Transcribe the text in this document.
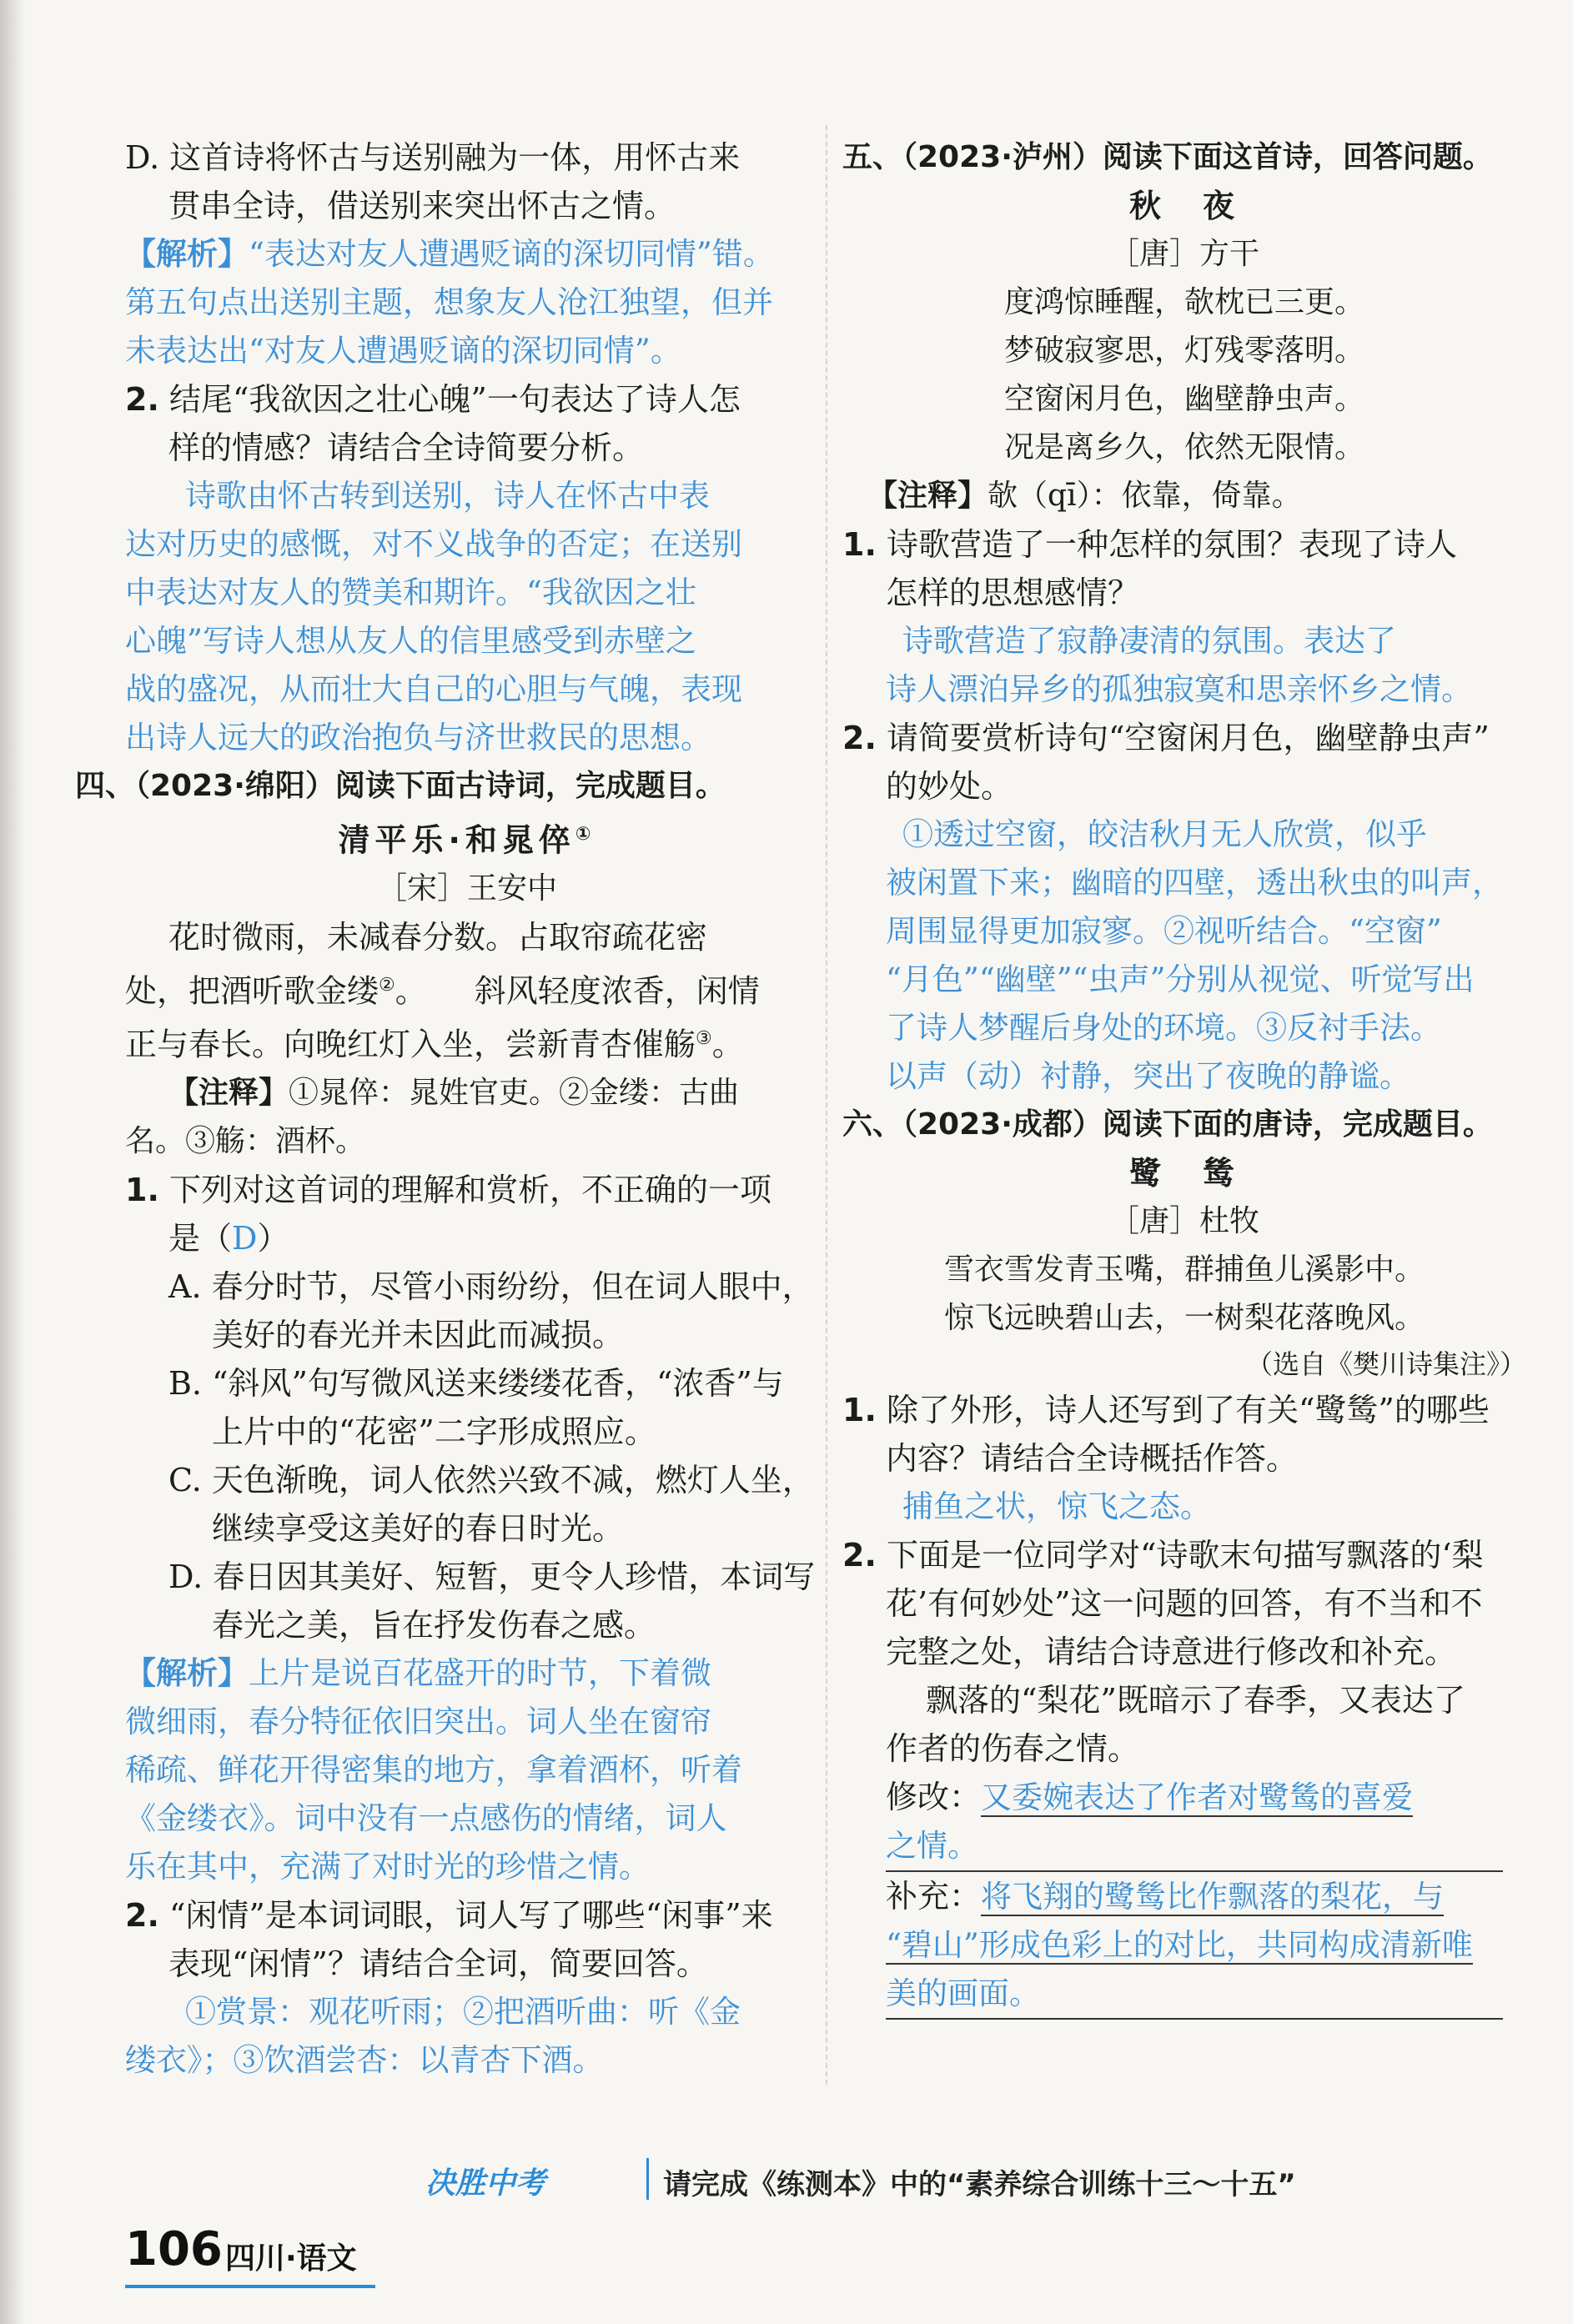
D. 这首诗将怀古与送别融为一体，用怀古来
贯串全诗，借送别来突出怀古之情。
【解析】“表达对友人遭遇贬谪的深切同情”错。
第五句点出送别主题，想象友人沧江独望，但并
未表达出“对友人遭遇贬谪的深切同情”。
2. 结尾“我欲因之壮心魄”一句表达了诗人怎
样的情感？请结合全诗简要分析。
诗歌由怀古转到送别，诗人在怀古中表
达对历史的感慨，对不义战争的否定；在送别
中表达对友人的赞美和期许。“我欲因之壮
心魄”写诗人想从友人的信里感受到赤壁之
战的盛况，从而壮大自己的心胆与气魄，表现
出诗人远大的政治抱负与济世救民的思想。
四、（2023·绵阳）阅读下面古诗词，完成题目。
清平乐·和晁倅①
［宋］王安中
花时微雨，未减春分数。占取帘疏花密
处，把酒听歌金缕②。　　斜风轻度浓香，闲情
正与春长。向晚红灯入坐，尝新青杏催觞③。
【注释】①晁倅：晁姓官吏。②金缕：古曲
名。③觞：酒杯。
1. 下列对这首词的理解和赏析，不正确的一项
是（D）
A. 春分时节，尽管小雨纷纷，但在词人眼中，
美好的春光并未因此而减损。
B. “斜风”句写微风送来缕缕花香，“浓香”与
上片中的“花密”二字形成照应。
C. 天色渐晚，词人依然兴致不减，燃灯人坐，
继续享受这美好的春日时光。
D. 春日因其美好、短暂，更令人珍惜，本词写
春光之美，旨在抒发伤春之感。
【解析】上片是说百花盛开的时节，下着微
微细雨，春分特征依旧突出。词人坐在窗帘
稀疏、鲜花开得密集的地方，拿着酒杯，听着
《金缕衣》。词中没有一点感伤的情绪，词人
乐在其中，充满了对时光的珍惜之情。
2. “闲情”是本词词眼，词人写了哪些“闲事”来
表现“闲情”？请结合全词，简要回答。
①赏景：观花听雨；②把酒听曲：听《金
缕衣》；③饮酒尝杏：以青杏下酒。
五、（2023·泸州）阅读下面这首诗，回答问题。
秋　夜
［唐］方干
度鸿惊睡醒，欹枕已三更。
梦破寂寥思，灯残零落明。
空窗闲月色，幽壁静虫声。
况是离乡久，依然无限情。
【注释】欹（qī）：依靠，倚靠。
1. 诗歌营造了一种怎样的氛围？表现了诗人
怎样的思想感情？
诗歌营造了寂静凄清的氛围。表达了
诗人漂泊异乡的孤独寂寞和思亲怀乡之情。
2. 请简要赏析诗句“空窗闲月色，幽壁静虫声”
的妙处。
①透过空窗，皎洁秋月无人欣赏，似乎
被闲置下来；幽暗的四壁，透出秋虫的叫声，
周围显得更加寂寥。②视听结合。“空窗”
“月色”“幽壁”“虫声”分别从视觉、听觉写出
了诗人梦醒后身处的环境。③反衬手法。
以声（动）衬静，突出了夜晚的静谧。
六、（2023·成都）阅读下面的唐诗，完成题目。
鹭　鸶
［唐］杜牧
雪衣雪发青玉嘴，群捕鱼儿溪影中。
惊飞远映碧山去，一树梨花落晚风。
（选自《樊川诗集注》）
1. 除了外形，诗人还写到了有关“鹭鸶”的哪些
内容？请结合全诗概括作答。
捕鱼之状，惊飞之态。
2. 下面是一位同学对“诗歌末句描写飘落的‘梨
花’有何妙处”这一问题的回答，有不当和不
完整之处，请结合诗意进行修改和补充。
飘落的“梨花”既暗示了春季，又表达了
作者的伤春之情。
修改：又委婉表达了作者对鹭鸶的喜爱
之情。
补充：将飞翔的鹭鸶比作飘落的梨花，与
“碧山”形成色彩上的对比，共同构成清新唯
美的画面。
决胜中考	请完成《练测本》中的“素养综合训练十三～十五”
106 四川·语文
